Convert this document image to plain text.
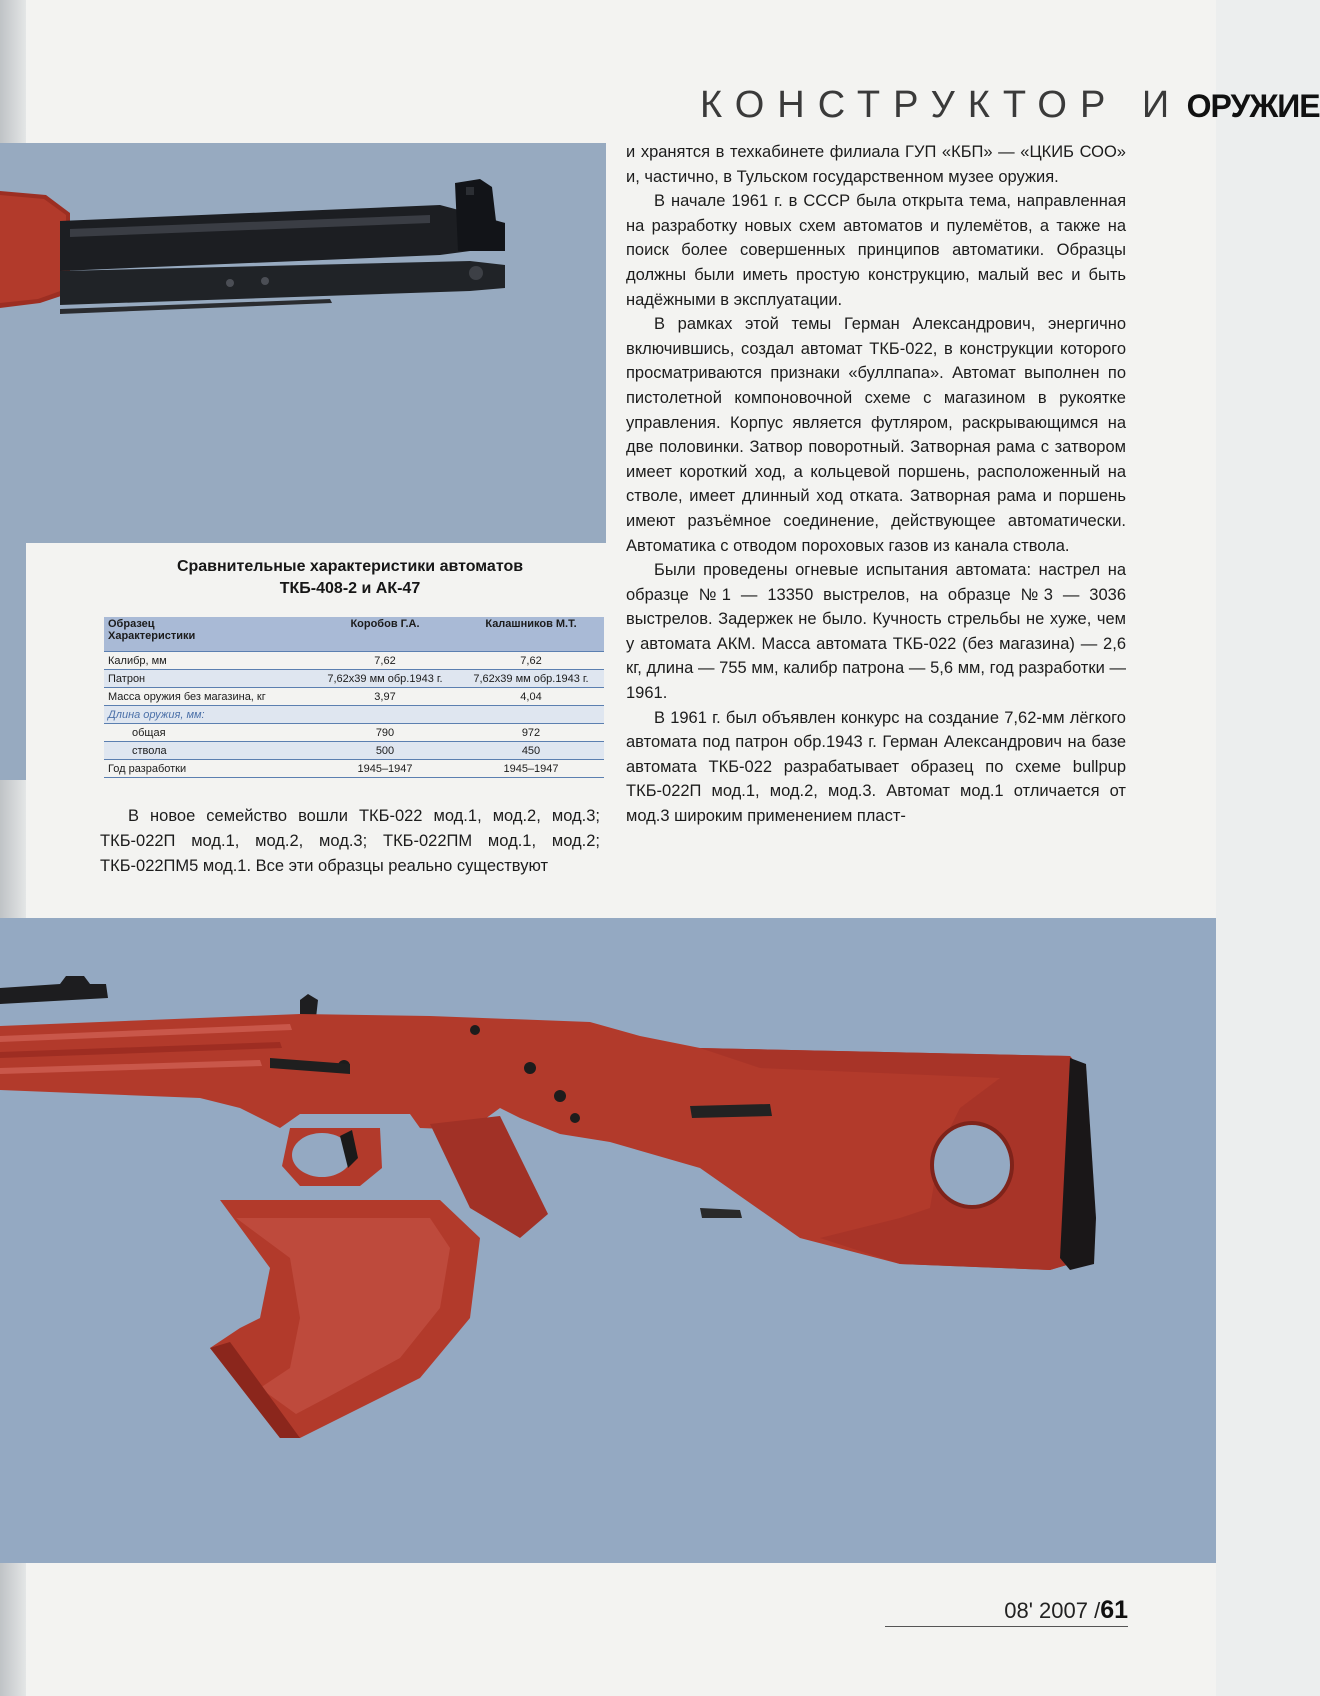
КОНСТРУКТОР И ОРУЖИЕ
Сравнительные характеристики автоматов
ТКБ-408-2 и АК-47
Образец
Характеристики	Коробов Г.А.	Калашников М.Т.
Калибр, мм	7,62	7,62
Патрон	7,62х39 мм обр.1943 г.	7,62х39 мм обр.1943 г.
Масса оружия без магазина, кг	3,97	4,04
Длина оружия, мм:		
общая	790	972
ствола	500	450
Год разработки	1945–1947	1945–1947

В новое семейство вошли ТКБ-022 мод.1, мод.2, мод.3; ТКБ-022П мод.1, мод.2, мод.3; ТКБ-022ПМ мод.1, мод.2; ТКБ-022ПМ5 мод.1. Все эти образцы реально существуют

и хранятся в техкабинете филиала ГУП «КБП» — «ЦКИБ СОО» и, частично, в Тульском государственном музее оружия.

В начале 1961 г. в СССР была открыта тема, направленная на разработку новых схем автоматов и пулемётов, а также на поиск более совершенных принципов автоматики. Образцы должны были иметь простую конструкцию, малый вес и быть надёжными в эксплуатации.

В рамках этой темы Герман Александрович, энергично включившись, создал автомат ТКБ-022, в конструкции которого просматриваются признаки «буллпапа». Автомат выполнен по пистолетной компоновочной схеме с магазином в рукоятке управления. Корпус является футляром, раскрывающимся на две половинки. Затвор поворотный. Затворная рама с затвором имеет короткий ход, а кольцевой поршень, расположенный на стволе, имеет длинный ход отката. Затворная рама и поршень имеют разъёмное соединение, действующее автоматически. Автоматика с отводом пороховых газов из канала ствола.

Были проведены огневые испытания автомата: настрел на образце №1 — 13350 выстрелов, на образце №3 — 3036 выстрелов. Задержек не было. Кучность стрельбы не хуже, чем у автомата АКМ. Масса автомата ТКБ-022 (без магазина) — 2,6 кг, длина — 755 мм, калибр патрона — 5,6 мм, год разработки — 1961.

В 1961 г. был объявлен конкурс на создание 7,62-мм лёгкого автомата под патрон обр.1943 г. Герман Александрович на базе автомата ТКБ-022 разрабатывает образец по схеме bullpup ТКБ-022П мод.1, мод.2, мод.3. Автомат мод.1 отличается от мод.3 широким применением пласт-

08' 2007 /61
